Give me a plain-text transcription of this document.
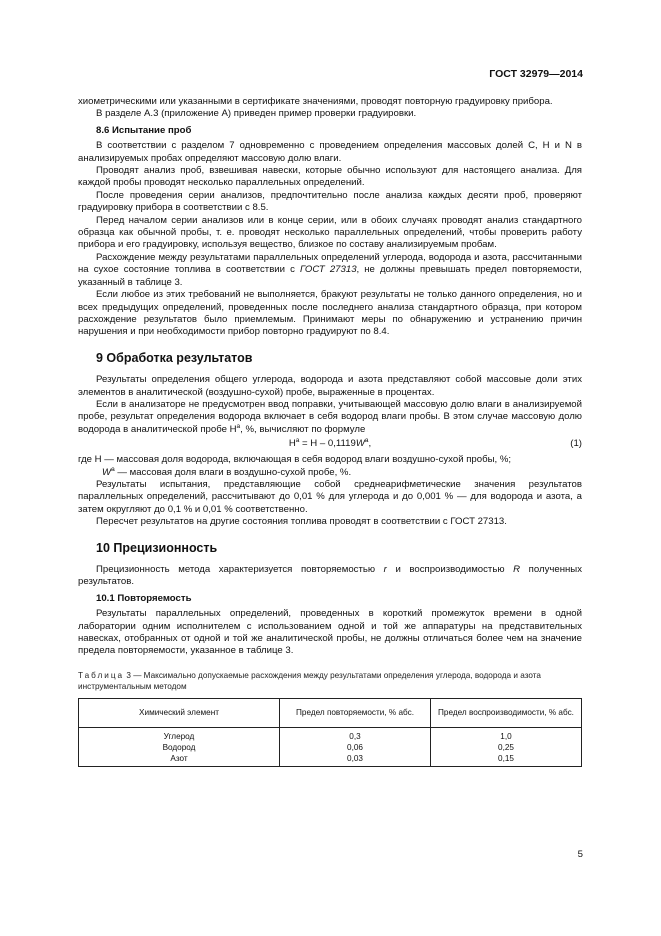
ГОСТ 32979—2014

хиометрическими или указанными в сертификате значениями, проводят повторную градуировку прибора.

В разделе А.3 (приложение А) приведен пример проверки градуировки.

8.6 Испытание проб

В соответствии с разделом 7 одновременно с проведением определения массовых долей С, Н и N в анализируемых пробах определяют массовую долю влаги.

Проводят анализ проб, взвешивая навески, которые обычно используют для настоящего анализа. Для каждой пробы проводят несколько параллельных определений.

После проведения серии анализов, предпочтительно после анализа каждых десяти проб, проверяют градуировку прибора в соответствии с 8.5.

Перед началом серии анализов или в конце серии, или в обоих случаях проводят анализ стандартного образца как обычной пробы, т. е. проводят несколько параллельных определений, чтобы проверить работу прибора и его градуировку, используя вещество, близкое по составу анализируемым пробам.

Расхождение между результатами параллельных определений углерода, водорода и азота, рассчитанными на сухое состояние топлива в соответствии с ГОСТ 27313, не должны превышать предел повторяемости, указанный в таблице 3.

Если любое из этих требований не выполняется, бракуют результаты не только данного определения, но и всех предыдущих определений, проведенных после последнего анализа стандартного образца, при котором расхождение результатов было приемлемым. Принимают меры по обнаружению и устранению причин нарушения и при необходимости прибор повторно градуируют по 8.4.

9 Обработка результатов

Результаты определения общего углерода, водорода и азота представляют собой массовые доли этих элементов в аналитической (воздушно-сухой) пробе, выраженные в процентах.

Если в анализаторе не предусмотрен ввод поправки, учитывающей массовую долю влаги в анализируемой пробе, результат определения водорода включает в себя водород влаги пробы. В этом случае массовую долю водорода в аналитической пробе $Н^а$, %, вычисляют по формуле

$Н^а = Н - 0,1119W^а$,	(1)

где Н — массовая доля водорода, включающая в себя водород влаги воздушно-сухой пробы, %;

$W^а$ — массовая доля влаги в воздушно-сухой пробе, %.

Результаты испытания, представляющие собой среднеарифметические значения результатов параллельных определений, рассчитывают до 0,01 % для углерода и до 0,001 % — для водорода и азота, а затем округляют до 0,1 % и 0,01 % соответственно.

Пересчет результатов на другие состояния топлива проводят в соответствии с ГОСТ 27313.

10 Прецизионность

Прецизионность метода характеризуется повторяемостью r и воспроизводимостью R полученных результатов.

10.1 Повторяемость

Результаты параллельных определений, проведенных в короткий промежуток времени в одной лаборатории одним исполнителем с использованием одной и той же аппаратуры на представительных навесках, отобранных от одной и той же аналитической пробы, не должны отличаться более чем на значение предела повторяемости, указанное в таблице 3.

Таблица 3 — Максимально допускаемые расхождения между результатами определения углерода, водорода и азота инструментальным методом
Химический элемент	Предел повторяемости, % абс.	Предел воспроизводимости, % абс.
Углерод	0,3	1,0
Водород	0,06	0,25
Азот	0,03	0,15
5
